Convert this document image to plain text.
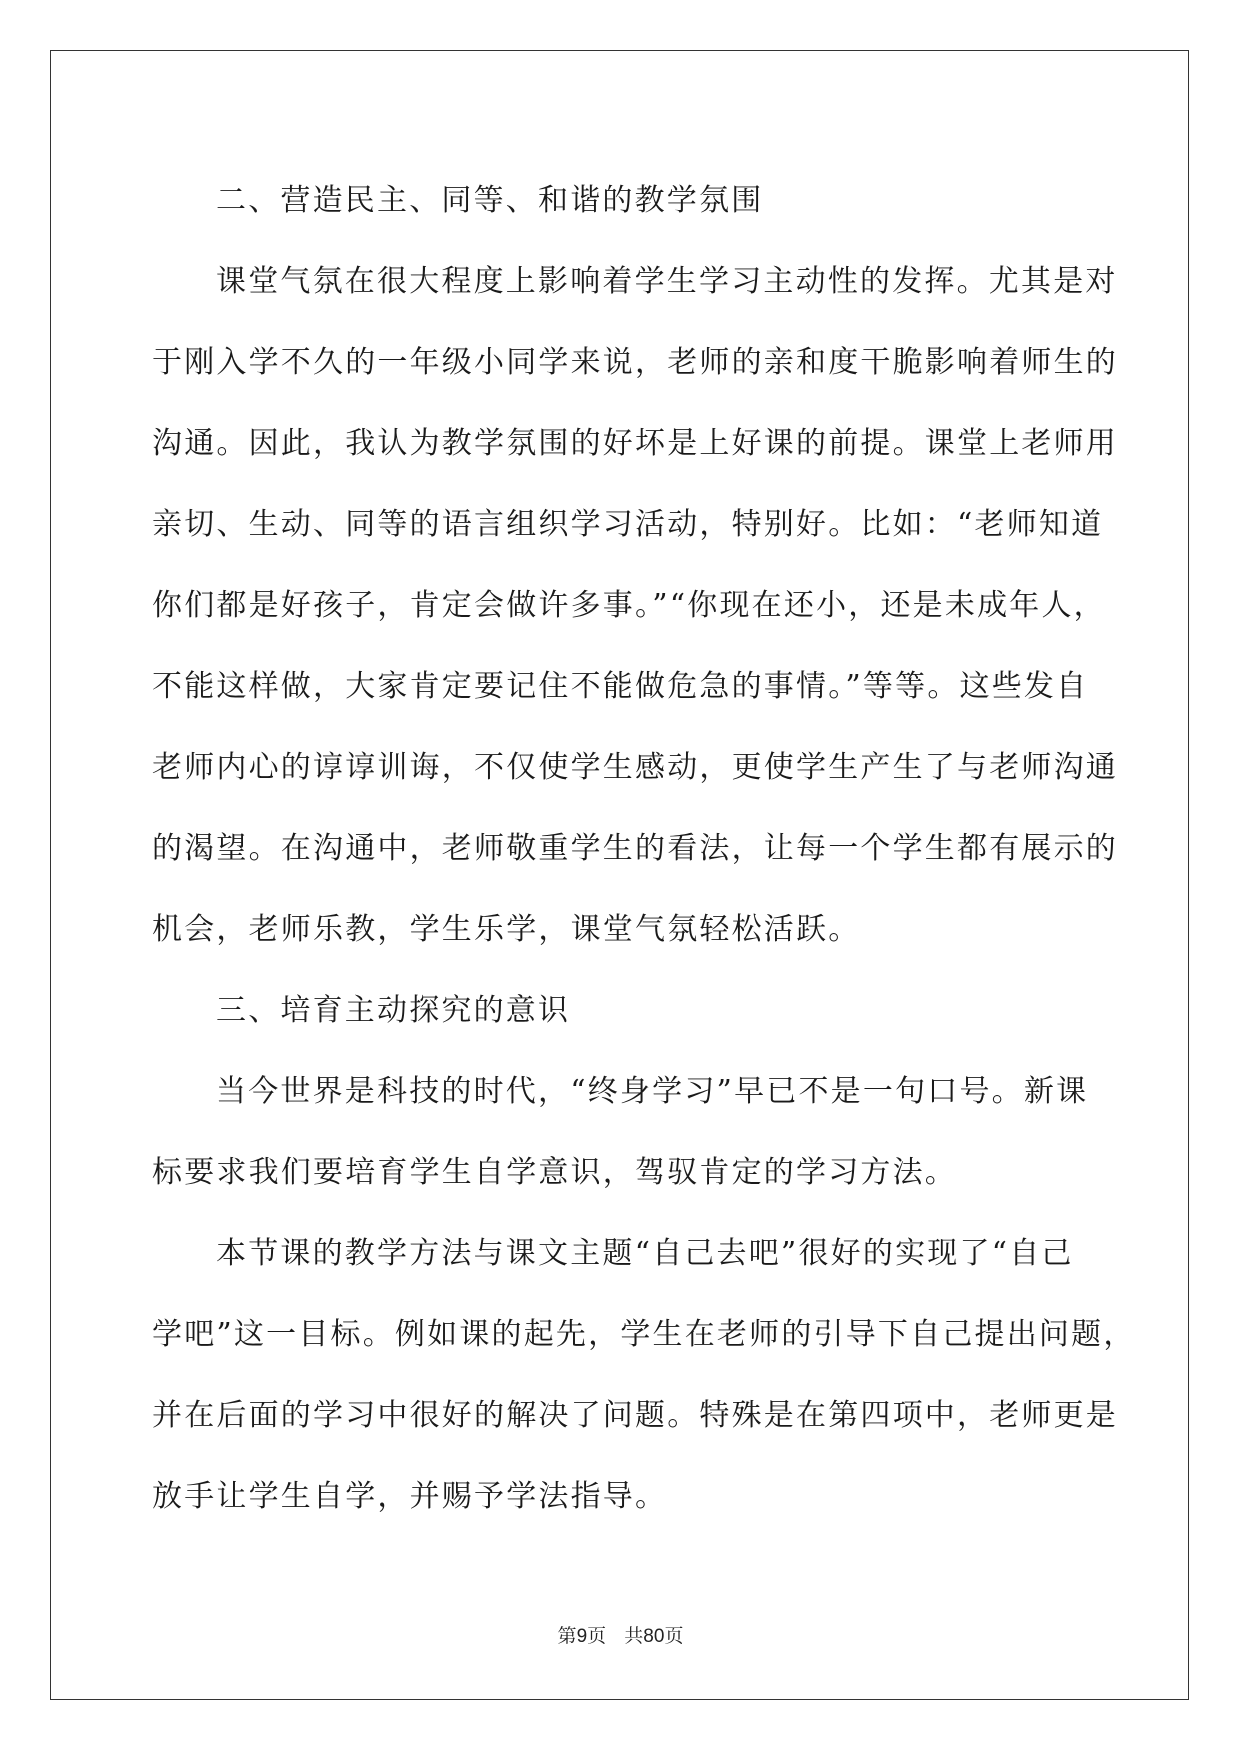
二、营造民主、同等、和谐的教学氛围
课堂气氛在很大程度上影响着学生学习主动性的发挥。尤其是对
于刚入学不久的一年级小同学来说，老师的亲和度干脆影响着师生的
沟通。因此，我认为教学氛围的好坏是上好课的前提。课堂上老师用
亲切、生动、同等的语言组织学习活动，特别好。比如：“老师知道
你们都是好孩子，肯定会做许多事。”“你现在还小，还是未成年人，
不能这样做，大家肯定要记住不能做危急的事情。”等等。这些发自
老师内心的谆谆训诲，不仅使学生感动，更使学生产生了与老师沟通
的渴望。在沟通中，老师敬重学生的看法，让每一个学生都有展示的
机会，老师乐教，学生乐学，课堂气氛轻松活跃。
三、培育主动探究的意识
当今世界是科技的时代，“终身学习”早已不是一句口号。新课
标要求我们要培育学生自学意识，驾驭肯定的学习方法。
本节课的教学方法与课文主题“自己去吧”很好的实现了“自己
学吧”这一目标。例如课的起先，学生在老师的引导下自己提出问题，
并在后面的学习中很好的解决了问题。特殊是在第四项中，老师更是
放手让学生自学，并赐予学法指导。
第9页 共80页
